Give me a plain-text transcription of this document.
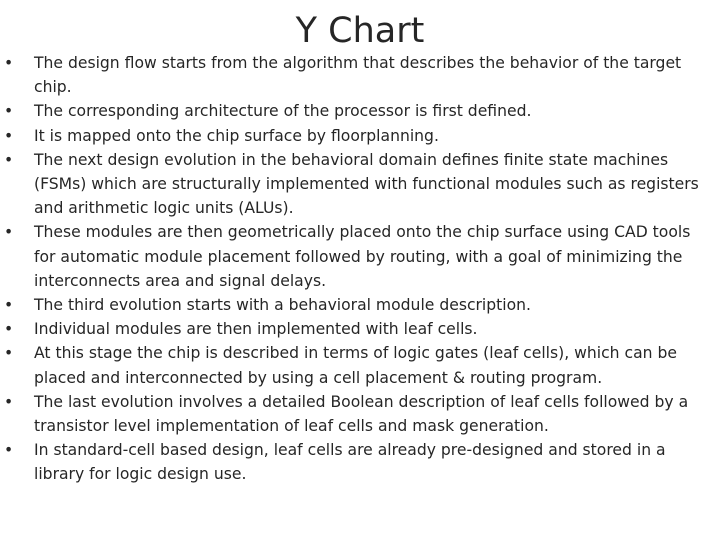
Y Chart
•	The design flow starts from the algorithm that describes the behavior of the target chip.
•	The corresponding architecture of the processor is first defined.
•	It is mapped onto the chip surface by floorplanning.
•	The next design evolution in the behavioral domain defines finite state machines (FSMs) which are structurally implemented with functional modules such as registers and arithmetic logic units (ALUs).
•	These modules are then geometrically placed onto the chip surface using CAD tools for automatic module placement followed by routing, with a goal of minimizing the interconnects area and signal delays.
•	The third evolution starts with a behavioral module description.
•	Individual modules are then implemented with leaf cells.
•	At this stage the chip is described in terms of logic gates (leaf cells), which can be placed and interconnected by using a cell placement & routing program.
•	The last evolution involves a detailed Boolean description of leaf cells followed by a transistor level implementation of leaf cells and mask generation.
•	In standard-cell based design, leaf cells are already pre-designed and stored in a library for logic design use.
